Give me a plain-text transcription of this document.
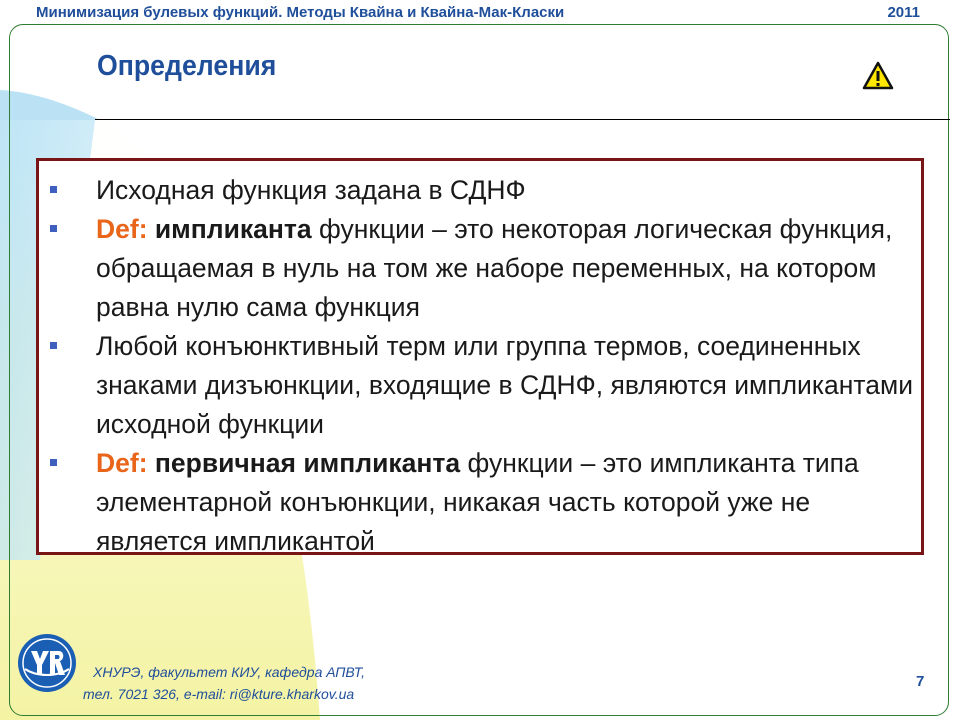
Минимизация булевых функций. Методы Квайна и Квайна-Мак-Класки	2011
Определения
Исходная функция задана в СДНФ
Def: импликанта функции – это некоторая логическая функция, обращаемая в нуль на том же наборе переменных, на котором равна нулю сама функция
Любой конъюнктивный терм или группа термов, соединенных знаками дизъюнкции, входящие в СДНФ, являются импликантами исходной функции
Def: первичная импликанта функции – это импликанта типа элементарной конъюнкции, никакая часть которой уже не является импликантой
ХНУРЭ, факультет КИУ, кафедра АПВТ,
тел. 7021 326, e-mail: ri@kture.kharkov.ua
7
